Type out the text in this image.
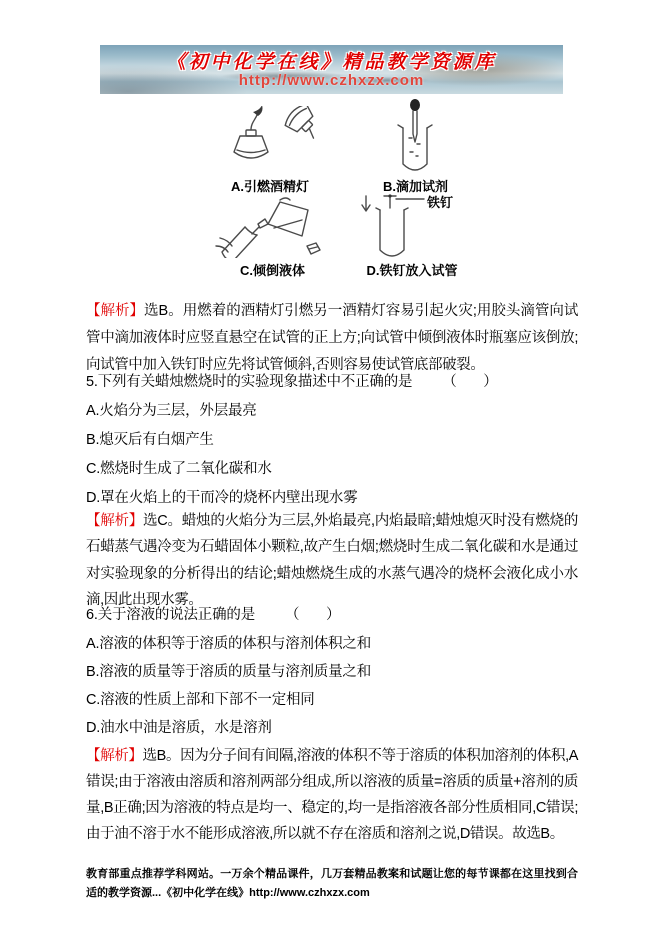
《初中化学在线》精品教学资源库
http://www.czhxzx.com
A.引燃酒精灯	B.滴加试剂
C.倾倒液体
铁钉
D.铁钉放入试管

【解析】选B。用燃着的酒精灯引燃另一酒精灯容易引起火灾;用胶头滴管向试管中滴加液体时应竖直悬空在试管的正上方;向试管中倾倒液体时瓶塞应该倒放;向试管中加入铁钉时应先将试管倾斜,否则容易使试管底部破裂。

5.下列有关蜡烛燃烧时的实验现象描述中不正确的是 （　）
A.火焰分为三层，外层最亮
B.熄灭后有白烟产生
C.燃烧时生成了二氧化碳和水
D.罩在火焰上的干而冷的烧杯内壁出现水雾

【解析】选C。蜡烛的火焰分为三层,外焰最亮,内焰最暗;蜡烛熄灭时没有燃烧的石蜡蒸气遇冷变为石蜡固体小颗粒,故产生白烟;燃烧时生成二氧化碳和水是通过对实验现象的分析得出的结论;蜡烛燃烧生成的水蒸气遇冷的烧杯会液化成小水滴,因此出现水雾。

6.关于溶液的说法正确的是 （　）
A.溶液的体积等于溶质的体积与溶剂体积之和
B.溶液的质量等于溶质的质量与溶剂质量之和
C.溶液的性质上部和下部不一定相同
D.油水中油是溶质，水是溶剂

【解析】选B。因为分子间有间隔,溶液的体积不等于溶质的体积加溶剂的体积,A错误;由于溶液由溶质和溶剂两部分组成,所以溶液的质量=溶质的质量+溶剂的质量,B正确;因为溶液的特点是均一、稳定的,均一是指溶液各部分性质相同,C错误;由于油不溶于水不能形成溶液,所以就不存在溶质和溶剂之说,D错误。故选B。

教育部重点推荐学科网站。一万余个精品课件，几万套精品教案和试题让您的每节课都在这里找到合适的教学资源...《初中化学在线》http://www.czhxzx.com
